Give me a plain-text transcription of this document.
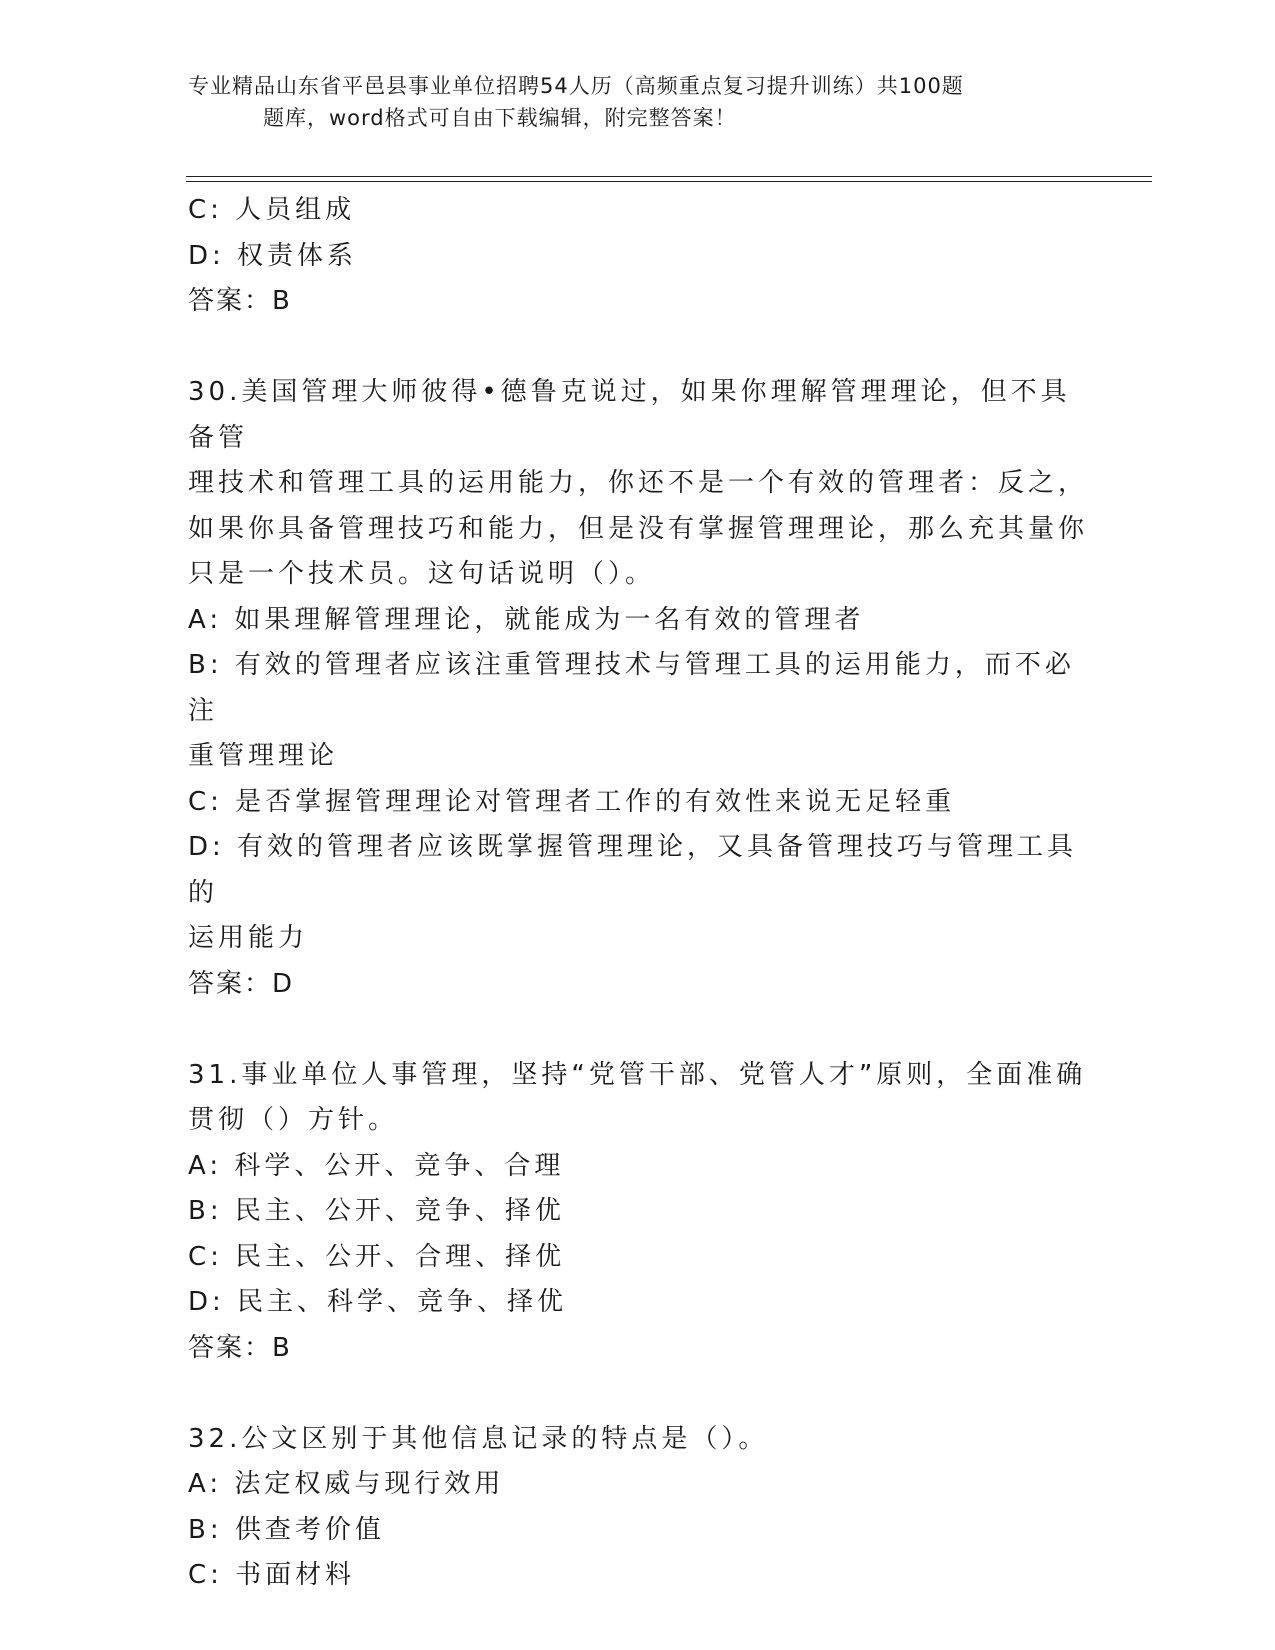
专业精品山东省平邑县事业单位招聘54人历（高频重点复习提升训练）共100题
题库，word格式可自由下载编辑，附完整答案！

C: 人员组成

D: 权责体系

答案：B

30.美国管理大师彼得•德鲁克说过，如果你理解管理理论，但不具备管

理技术和管理工具的运用能力，你还不是一个有效的管理者：反之，

如果你具备管理技巧和能力，但是没有掌握管理理论，那么充其量你

只是一个技术员。这句话说明（）。

A: 如果理解管理理论，就能成为一名有效的管理者

B: 有效的管理者应该注重管理技术与管理工具的运用能力，而不必注

重管理理论

C: 是否掌握管理理论对管理者工作的有效性来说无足轻重

D: 有效的管理者应该既掌握管理理论，又具备管理技巧与管理工具的

运用能力

答案：D

31.事业单位人事管理，坚持“党管干部、党管人才”原则，全面准确

贯彻（）方针。

A: 科学、公开、竞争、合理

B: 民主、公开、竞争、择优

C: 民主、公开、合理、择优

D: 民主、科学、竞争、择优

答案：B

32.公文区别于其他信息记录的特点是（）。

A: 法定权威与现行效用

B: 供查考价值

C: 书面材料
